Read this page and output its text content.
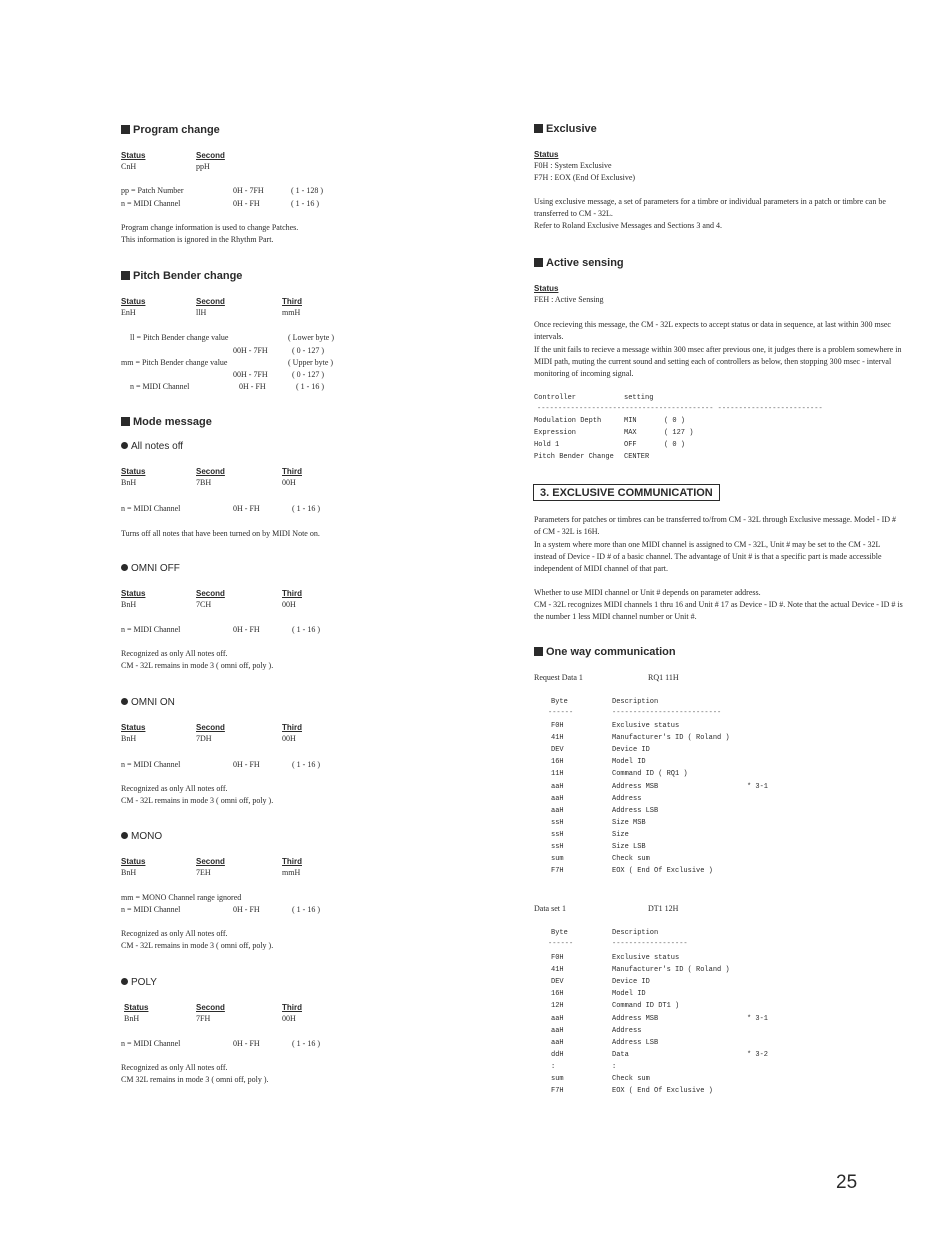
Program change
Status	Second
CnH	ppH
pp = Patch Number	0H - 7FH	( 1 - 128 )
n = MIDI Channel	0H - FH	( 1 - 16 )
Program change information is used to change Patches.
This information is ignored in the Rhythm Part.
Pitch Bender change
Status	Second	Third
EnH	llH	mmH
ll = Pitch Bender change value	( Lower byte )
00H - 7FH	( 0 - 127 )
mm = Pitch Bender change value	( Upper byte )
00H - 7FH	( 0 - 127 )
n = MIDI Channel	0H - FH	( 1 - 16 )
Mode message
All notes off
Status	Second	Third
BnH	7BH	00H
n = MIDI Channel	0H - FH	( 1 - 16 )
Turns off all notes that have been turned on by MIDI Note on.
OMNI OFF
Status	Second	Third
BnH	7CH	00H
n = MIDI Channel	0H - FH	( 1 - 16 )
Recognized as only All notes off.
CM - 32L remains in mode 3 ( omni off, poly ).
OMNI ON
Status	Second	Third
BnH	7DH	00H
n = MIDI Channel	0H - FH	( 1 - 16 )
Recognized as only All notes off.
CM - 32L remains in mode 3 ( omni off, poly ).
MONO
Status	Second	Third
BnH	7EH	mmH
mm = MONO Channel range ignored
n = MIDI Channel	0H - FH	( 1 - 16 )
Recognized as only All notes off.
CM - 32L remains in mode 3 ( omni off, poly ).
POLY
Status	Second	Third
BnH	7FH	00H
n = MIDI Channel	0H - FH	( 1 - 16 )
Recognized as only All notes off.
CM 32L remains in mode 3 ( omni off, poly ).
Exclusive
Status
F0H : System Exclusive
F7H : EOX (End Of Exclusive)
Using exclusive message, a set of parameters for a timbre or individual parameters in a patch or timbre can be transferred to CM - 32L.
Refer to Roland Exclusive Messages and Sections 3 and 4.
Active sensing
Status
FEH : Active Sensing
Once recieving this message, the CM - 32L expects to accept status or data in sequence, at last within 300 msec intervals.
If the unit fails to recieve a message within 300 msec after previous one, it judges there is a problem somewhere in MIDI path, muting the current sound and setting each of controllers as below, then stopping 300 msec - interval monitoring of incoming signal.
Controller	setting
------------------------------------------ -------------------------
Modulation Depth	MIN	( 0 )
Expression	MAX	( 127 )
Hold 1	OFF	( 0 )
Pitch Bender Change CENTER
3. EXCLUSIVE COMMUNICATION
Parameters for patches or timbres can be transferred to/from CM - 32L through Exclusive message. Model - ID # of CM - 32L is 16H.
In a system where more than one MIDI channel is assigned to CM - 32L, Unit # may be set to the CM - 32L instead of Device - ID # of a basic channel. The advantage of Unit # is that a specific part is made accessible independent of MIDI channel of that part.
Whether to use MIDI channel or Unit # depends on parameter address.
CM - 32L recognizes MIDI channels 1 thru 16 and Unit # 17 as Device - ID #. Note that the actual Device - ID # is the number 1 less MIDI channel number or Unit #.
One way communication
Request Data 1	RQ1 11H
Byte	Description
------	--------------------------
F0H	Exclusive status
41H	Manufacturer's ID ( Roland )
DEV	Device ID
16H	Model ID
11H	Command ID ( RQ1 )
aaH	Address MSB	* 3-1
aaH	Address
aaH	Address LSB
ssH	Size MSB
ssH	Size
ssH	Size LSB
sum	Check sum
F7H	EOX ( End Of Exclusive )
Data set 1	DT1 12H
Byte	Description
------	------------------
F0H	Exclusive status
41H	Manufacturer's ID ( Roland )
DEV	Device ID
16H	Model ID
12H	Command ID DT1 )
aaH	Address MSB	* 3-1
aaH	Address
aaH	Address LSB
ddH	Data	* 3-2
:	:
sum	Check sum
F7H	EOX ( End Of Exclusive )
25
